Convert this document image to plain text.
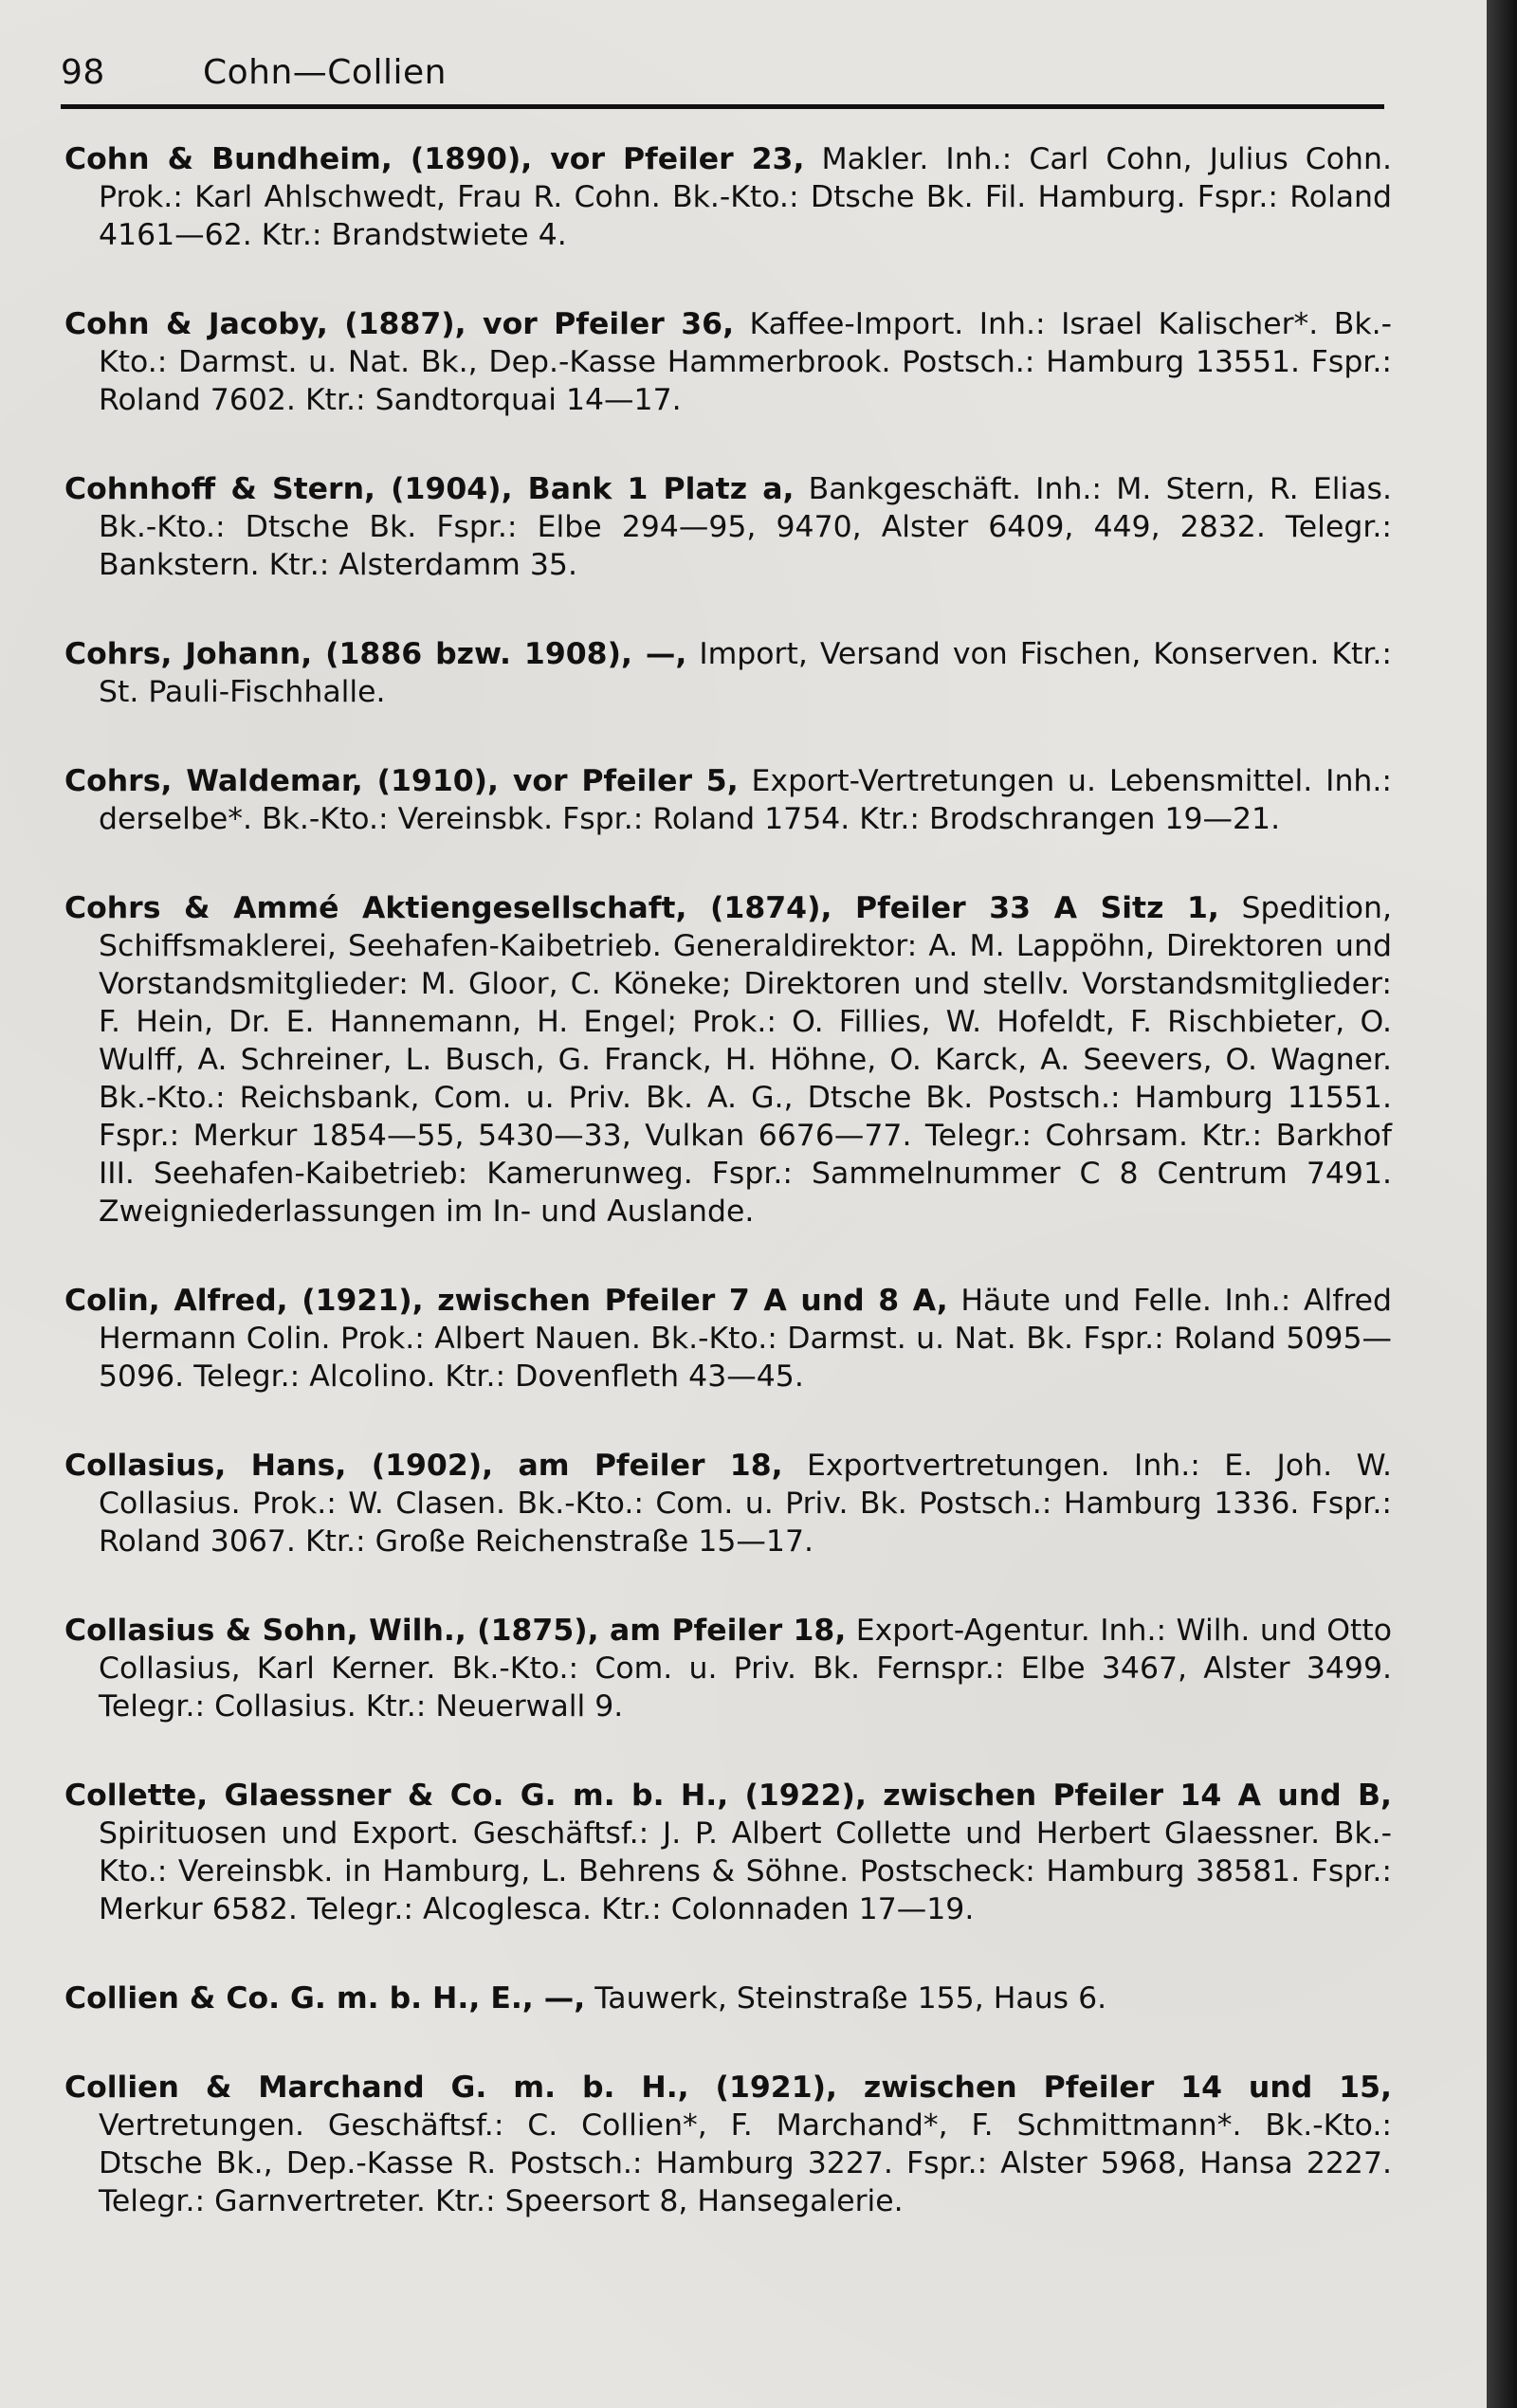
98	Cohn—Collien

Cohn & Bundheim, (1890), vor Pfeiler 23, Makler. Inh.: Carl Cohn, Julius Cohn. Prok.: Karl Ahlschwedt, Frau R. Cohn. Bk.-Kto.: Dtsche Bk. Fil. Hamburg. Fspr.: Roland 4161—62. Ktr.: Brandstwiete 4.

Cohn & Jacoby, (1887), vor Pfeiler 36, Kaffee-Import. Inh.: Israel Kalischer*. Bk.-Kto.: Darmst. u. Nat. Bk., Dep.-Kasse Hammerbrook. Postsch.: Hamburg 13551. Fspr.: Roland 7602. Ktr.: Sandtorquai 14—17.

Cohnhoff & Stern, (1904), Bank 1 Platz a, Bankgeschäft. Inh.: M. Stern, R. Elias. Bk.-Kto.: Dtsche Bk. Fspr.: Elbe 294—95, 9470, Alster 6409, 449, 2832. Telegr.: Bankstern. Ktr.: Alsterdamm 35.

Cohrs, Johann, (1886 bzw. 1908), —, Import, Versand von Fischen, Konserven. Ktr.: St. Pauli-Fischhalle.

Cohrs, Waldemar, (1910), vor Pfeiler 5, Export-Vertretungen u. Lebensmittel. Inh.: derselbe*. Bk.-Kto.: Vereinsbk. Fspr.: Roland 1754. Ktr.: Brodschrangen 19—21.

Cohrs & Ammé Aktiengesellschaft, (1874), Pfeiler 33 A Sitz 1, Spedition, Schiffsmaklerei, Seehafen-Kaibetrieb. Generaldirektor: A. M. Lappöhn, Direktoren und Vorstandsmitglieder: M. Gloor, C. Köneke; Direktoren und stellv. Vorstandsmitglieder: F. Hein, Dr. E. Hannemann, H. Engel; Prok.: O. Fillies, W. Hofeldt, F. Rischbieter, O. Wulff, A. Schreiner, L. Busch, G. Franck, H. Höhne, O. Karck, A. Seevers, O. Wagner. Bk.-Kto.: Reichsbank, Com. u. Priv. Bk. A. G., Dtsche Bk. Postsch.: Hamburg 11551. Fspr.: Merkur 1854—55, 5430—33, Vulkan 6676—77. Telegr.: Cohrsam. Ktr.: Barkhof III. Seehafen-Kaibetrieb: Kamerunweg. Fspr.: Sammelnummer C 8 Centrum 7491. Zweigniederlassungen im In- und Auslande.

Colin, Alfred, (1921), zwischen Pfeiler 7 A und 8 A, Häute und Felle. Inh.: Alfred Hermann Colin. Prok.: Albert Nauen. Bk.-Kto.: Darmst. u. Nat. Bk. Fspr.: Roland 5095—5096. Telegr.: Alcolino. Ktr.: Dovenfleth 43—45.

Collasius, Hans, (1902), am Pfeiler 18, Exportvertretungen. Inh.: E. Joh. W. Collasius. Prok.: W. Clasen. Bk.-Kto.: Com. u. Priv. Bk. Postsch.: Hamburg 1336. Fspr.: Roland 3067. Ktr.: Große Reichenstraße 15—17.

Collasius & Sohn, Wilh., (1875), am Pfeiler 18, Export-Agentur. Inh.: Wilh. und Otto Collasius, Karl Kerner. Bk.-Kto.: Com. u. Priv. Bk. Fernspr.: Elbe 3467, Alster 3499. Telegr.: Collasius. Ktr.: Neuerwall 9.

Collette, Glaessner & Co. G. m. b. H., (1922), zwischen Pfeiler 14 A und B, Spirituosen und Export. Geschäftsf.: J. P. Albert Collette und Herbert Glaessner. Bk.-Kto.: Vereinsbk. in Hamburg, L. Behrens & Söhne. Postscheck: Hamburg 38581. Fspr.: Merkur 6582. Telegr.: Alcoglesca. Ktr.: Colonnaden 17—19.

Collien & Co. G. m. b. H., E., —, Tauwerk, Steinstraße 155, Haus 6.

Collien & Marchand G. m. b. H., (1921), zwischen Pfeiler 14 und 15, Vertretungen. Geschäftsf.: C. Collien*, F. Marchand*, F. Schmittmann*. Bk.-Kto.: Dtsche Bk., Dep.-Kasse R. Postsch.: Hamburg 3227. Fspr.: Alster 5968, Hansa 2227. Telegr.: Garnvertreter. Ktr.: Speersort 8, Hansegalerie.
